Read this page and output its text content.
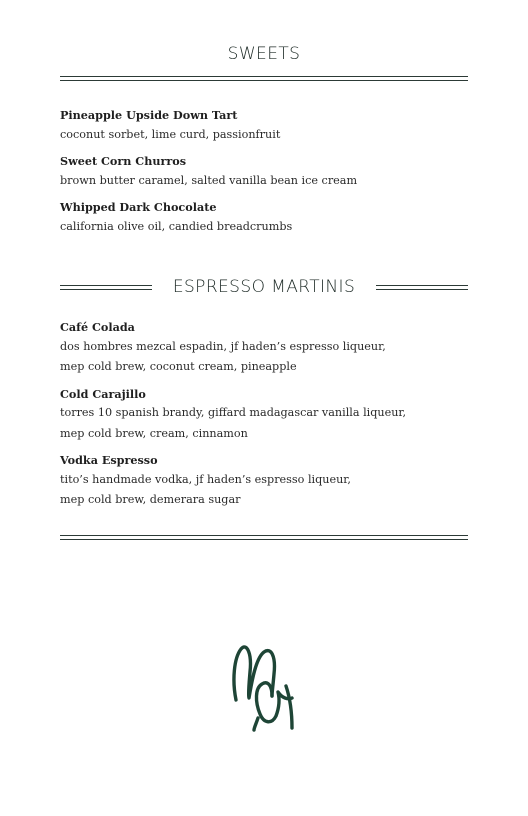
SWEETS
Pineapple Upside Down Tart
coconut sorbet, lime curd, passionfruit
Sweet Corn Churros
brown butter caramel, salted vanilla bean ice cream
Whipped Dark Chocolate
california olive oil, candied breadcrumbs
ESPRESSO MARTINIS
Café Colada
dos hombres mezcal espadin, jf haden’s espresso liqueur,
mep cold brew, coconut cream, pineapple
Cold Carajillo
torres 10 spanish brandy, giffard madagascar vanilla liqueur,
mep cold brew, cream, cinnamon
Vodka Espresso
tito’s handmade vodka, jf haden’s espresso liqueur,
mep cold brew, demerara sugar
